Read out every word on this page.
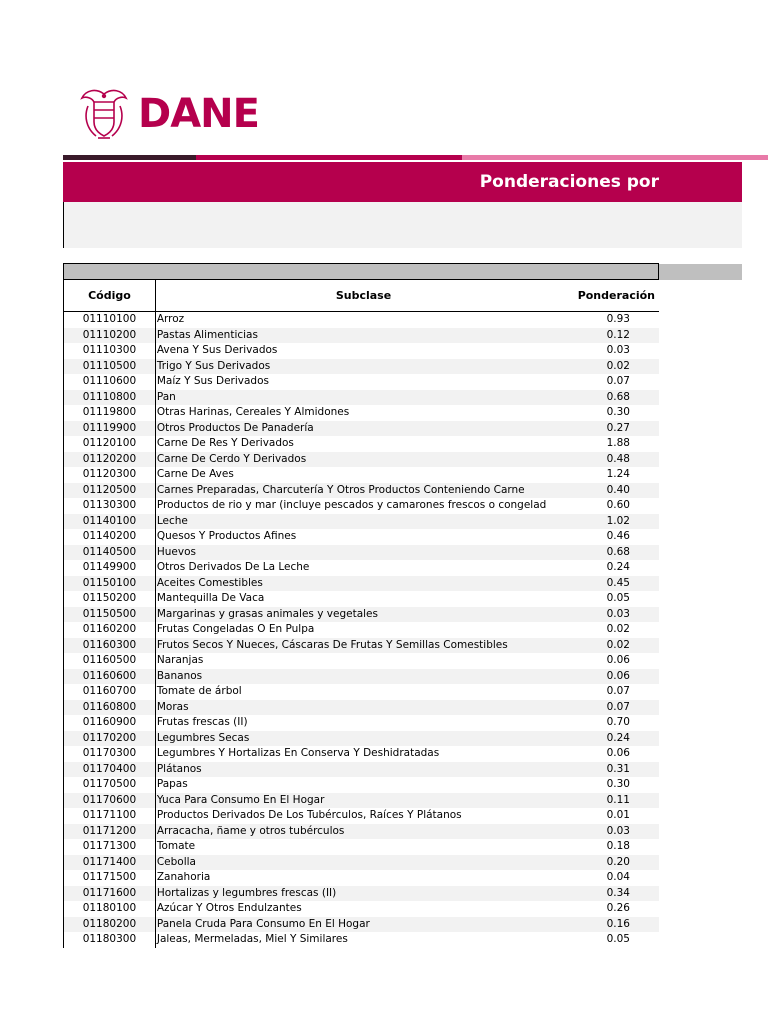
DANE
Ponderaciones por
Código	Subclase	Ponderación
01110100	Arroz	0.93
01110200	Pastas Alimenticias	0.12
01110300	Avena Y Sus Derivados	0.03
01110500	Trigo Y Sus Derivados	0.02
01110600	Maíz Y Sus Derivados	0.07
01110800	Pan	0.68
01119800	Otras Harinas, Cereales Y Almidones	0.30
01119900	Otros Productos De Panadería	0.27
01120100	Carne De Res Y Derivados	1.88
01120200	Carne De Cerdo Y Derivados	0.48
01120300	Carne De Aves	1.24
01120500	Carnes Preparadas, Charcutería Y Otros Productos Conteniendo Carne	0.40
01130300	Productos de rio y mar (incluye pescados y camarones frescos o congelad	0.60
01140100	Leche	1.02
01140200	Quesos Y Productos Afines	0.46
01140500	Huevos	0.68
01149900	Otros Derivados De La Leche	0.24
01150100	Aceites Comestibles	0.45
01150200	Mantequilla De Vaca	0.05
01150500	Margarinas y grasas animales y vegetales	0.03
01160200	Frutas Congeladas O En Pulpa	0.02
01160300	Frutos Secos Y Nueces, Cáscaras De Frutas Y Semillas Comestibles	0.02
01160500	Naranjas	0.06
01160600	Bananos	0.06
01160700	Tomate de árbol	0.07
01160800	Moras	0.07
01160900	Frutas frescas (II)	0.70
01170200	Legumbres Secas	0.24
01170300	Legumbres Y Hortalizas En Conserva Y Deshidratadas	0.06
01170400	Plátanos	0.31
01170500	Papas	0.30
01170600	Yuca Para Consumo En El Hogar	0.11
01171100	Productos Derivados De Los Tubérculos, Raíces Y Plátanos	0.01
01171200	Arracacha, ñame y otros tubérculos	0.03
01171300	Tomate	0.18
01171400	Cebolla	0.20
01171500	Zanahoria	0.04
01171600	Hortalizas y legumbres frescas (II)	0.34
01180100	Azúcar Y Otros Endulzantes	0.26
01180200	Panela Cruda Para Consumo En El Hogar	0.16
01180300	Jaleas, Mermeladas, Miel Y Similares	0.05
